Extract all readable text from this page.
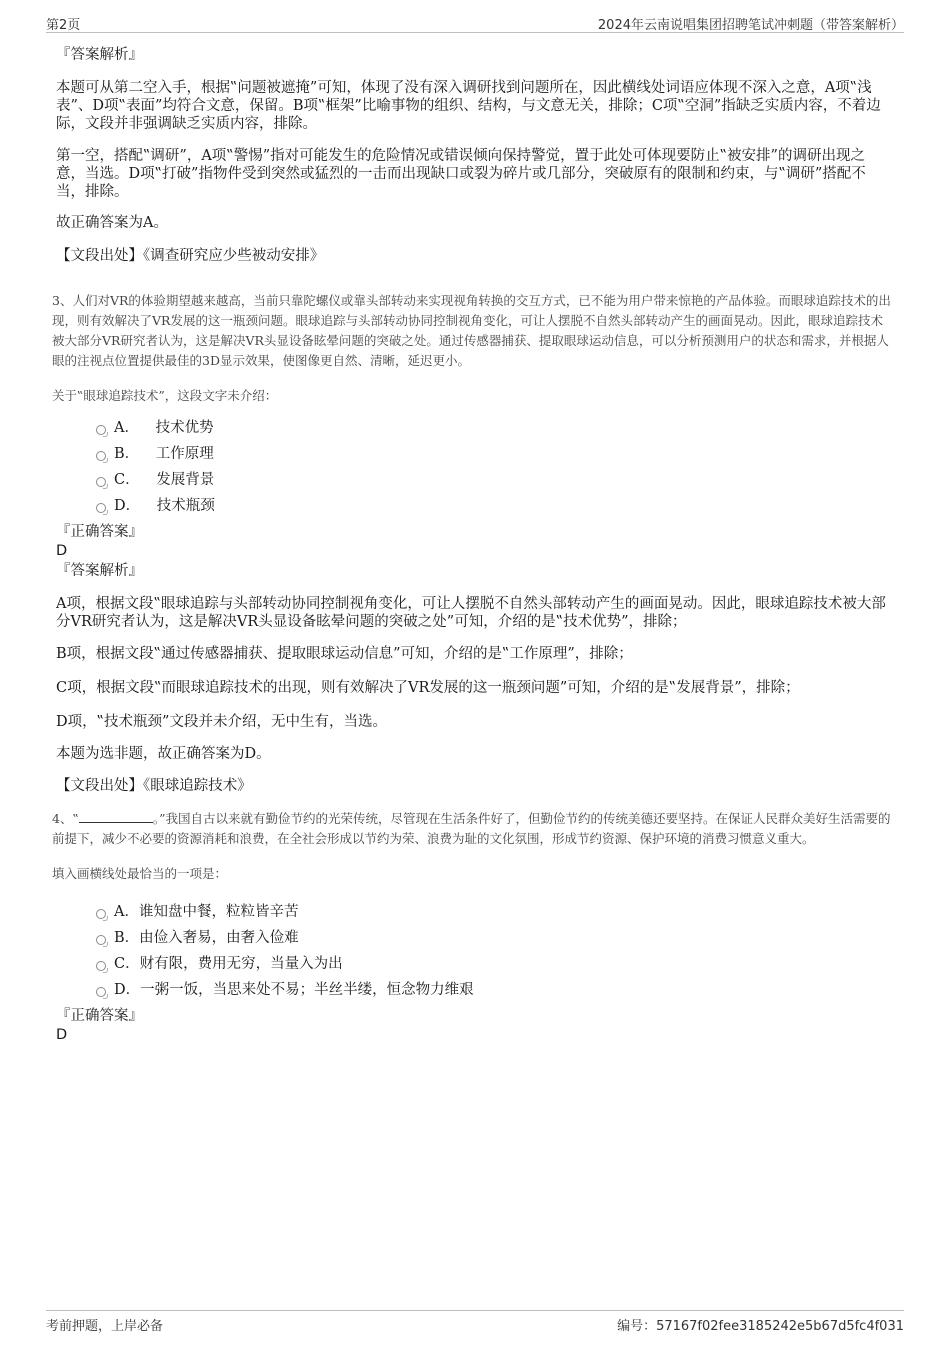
第2页	2024年云南说唱集团招聘笔试冲刺题（带答案解析）

『答案解析』

本题可从第二空入手，根据‟问题被遮掩”可知，体现了没有深入调研找到问题所在，因此横线处词语应体现不深入之意，A项‟浅表”、D项‟表面”均符合文意，保留。B项‟框架”比喻事物的组织、结构，与文意无关，排除；C项‟空洞”指缺乏实质内容，不着边际，文段并非强调缺乏实质内容，排除。

第一空，搭配‟调研”，A项‟警惕”指对可能发生的危险情况或错误倾向保持警觉，置于此处可体现要防止‟被安排”的调研出现之意，当选。D项‟打破”指物件受到突然或猛烈的一击而出现缺口或裂为碎片或几部分，突破原有的限制和约束，与‟调研”搭配不当，排除。

故正确答案为A。

【文段出处】《调查研究应少些被动安排》

3、人们对VR的体验期望越来越高，当前只靠陀螺仪或靠头部转动来实现视角转换的交互方式，已不能为用户带来惊艳的产品体验。而眼球追踪技术的出现，则有效解决了VR发展的这一瓶颈问题。眼球追踪与头部转动协同控制视角变化，可让人摆脱不自然头部转动产生的画面晃动。因此，眼球追踪技术被大部分VR研究者认为，这是解决VR头显设备眩晕问题的突破之处。通过传感器捕获、提取眼球运动信息，可以分析预测用户的状态和需求，并根据人眼的注视点位置提供最佳的3D显示效果，使图像更自然、清晰，延迟更小。

关于‟眼球追踪技术”，这段文字未介绍：

A． 技术优势
B． 工作原理
C． 发展背景
D． 技术瓶颈

『正确答案』

D

『答案解析』

A项，根据文段‟眼球追踪与头部转动协同控制视角变化，可让人摆脱不自然头部转动产生的画面晃动。因此，眼球追踪技术被大部分VR研究者认为，这是解决VR头显设备眩晕问题的突破之处”可知，介绍的是‟技术优势”，排除；

B项，根据文段‟通过传感器捕获、提取眼球运动信息”可知，介绍的是‟工作原理”，排除；

C项，根据文段‟而眼球追踪技术的出现，则有效解决了VR发展的这一瓶颈问题”可知，介绍的是‟发展背景”，排除；

D项，‟技术瓶颈”文段并未介绍，无中生有，当选。

本题为选非题，故正确答案为D。

【文段出处】《眼球追踪技术》

4、‟	。”我国自古以来就有勤俭节约的光荣传统，尽管现在生活条件好了，但勤俭节约的传统美德还要坚持。在保证人民群众美好生活需要的前提下，减少不必要的资源消耗和浪费，在全社会形成以节约为荣、浪费为耻的文化氛围，形成节约资源、保护环境的消费习惯意义重大。

填入画横线处最恰当的一项是：

A．谁知盘中餐，粒粒皆辛苦
B．由俭入奢易，由奢入俭难
C．财有限，费用无穷，当量入为出
D．一粥一饭，当思来处不易；半丝半缕，恒念物力维艰

『正确答案』

D

考前押题，上岸必备	编号：57167f02fee3185242e5b67d5fc4f031
